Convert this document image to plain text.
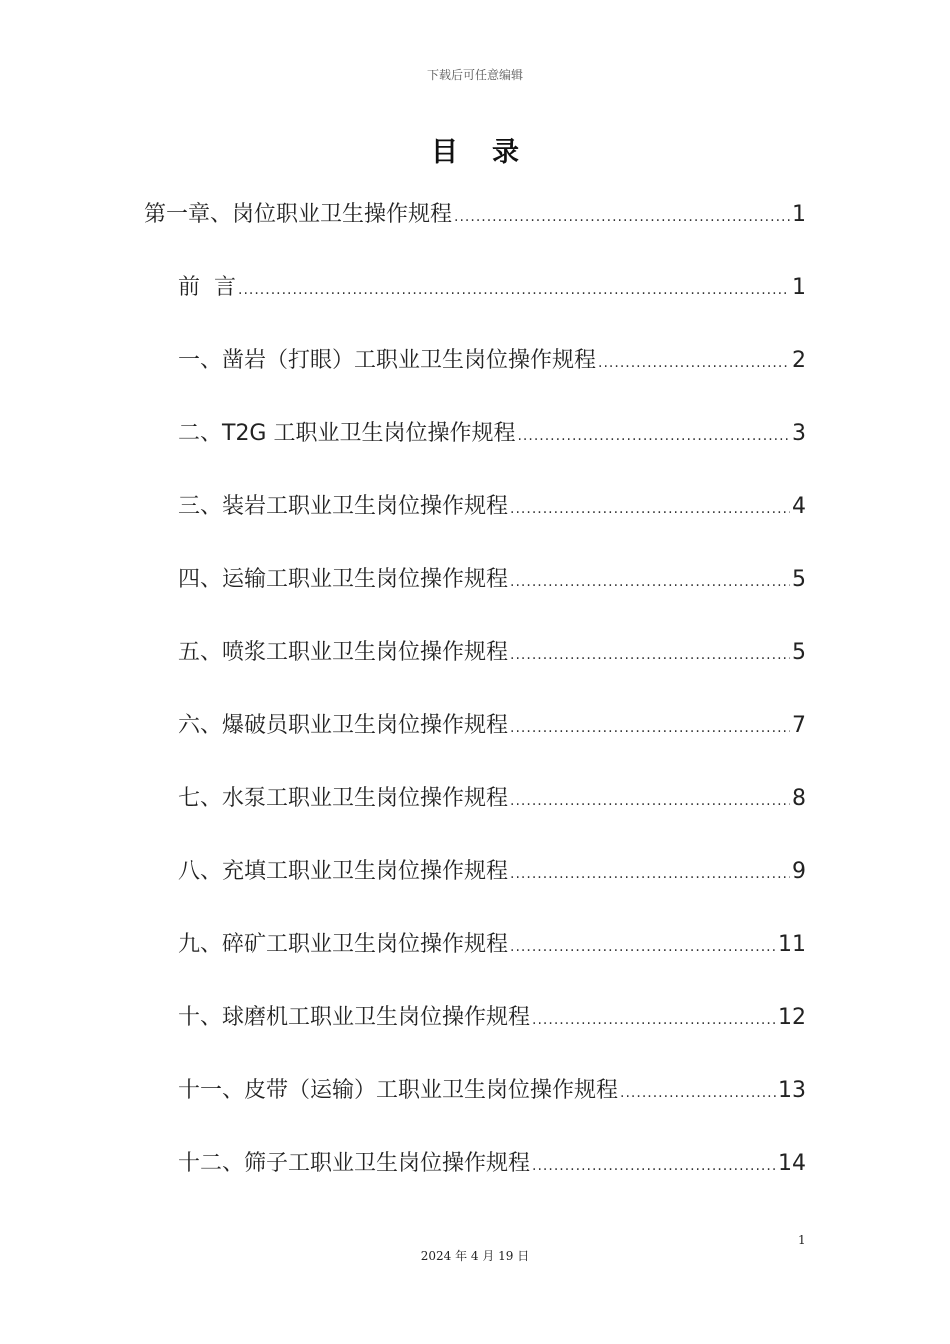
下载后可任意编辑
目录
第一章、岗位职业卫生操作规程 .....	1
前  言 .....	1
一、凿岩（打眼）工职业卫生岗位操作规程 .....	2
二、T2G 工职业卫生岗位操作规程 .....	3
三、装岩工职业卫生岗位操作规程 .....	4
四、运输工职业卫生岗位操作规程 .....	5
五、喷浆工职业卫生岗位操作规程 .....	5
六、爆破员职业卫生岗位操作规程 .....	7
七、水泵工职业卫生岗位操作规程 .....	8
八、充填工职业卫生岗位操作规程 .....	9
九、碎矿工职业卫生岗位操作规程 .....	11
十、球磨机工职业卫生岗位操作规程 .....	12
十一、皮带（运输）工职业卫生岗位操作规程 .....	13
十二、筛子工职业卫生岗位操作规程 .....	14
1
2024 年 4 月 19 日
